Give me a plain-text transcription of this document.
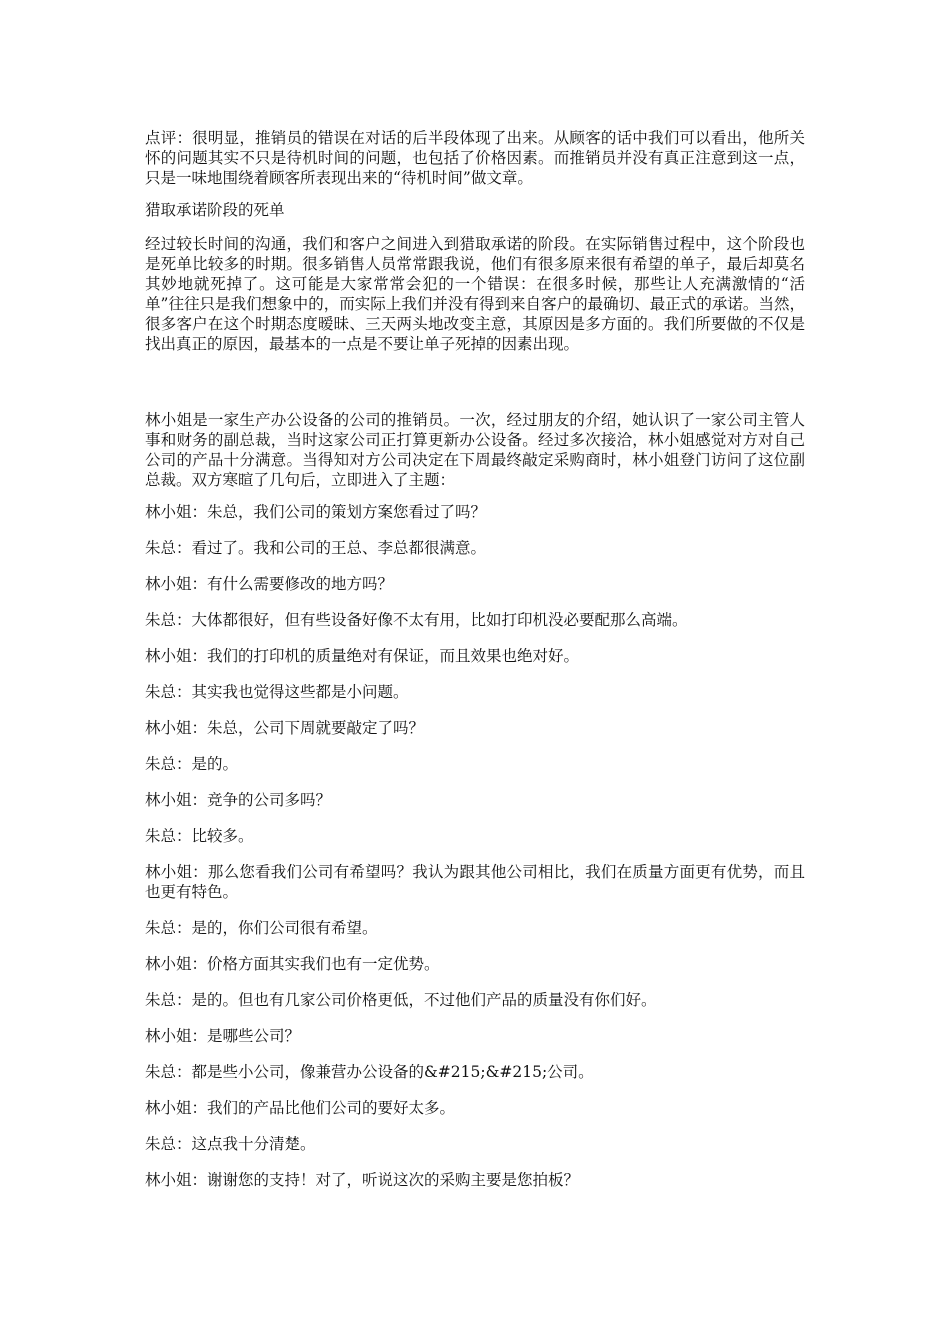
点评：很明显，推销员的错误在对话的后半段体现了出来。从顾客的话中我们可以看出，他所关怀的问题其实不只是待机时间的问题，也包括了价格因素。而推销员并没有真正注意到这一点，只是一味地围绕着顾客所表现出来的“待机时间”做文章。

猎取承诺阶段的死单

经过较长时间的沟通，我们和客户之间进入到猎取承诺的阶段。在实际销售过程中，这个阶段也是死单比较多的时期。很多销售人员常常跟我说，他们有很多原来很有希望的单子，最后却莫名其妙地就死掉了。这可能是大家常常会犯的一个错误：在很多时候，那些让人充满激情的“活单”往往只是我们想象中的，而实际上我们并没有得到来自客户的最确切、最正式的承诺。当然，很多客户在这个时期态度暧昧、三天两头地改变主意，其原因是多方面的。我们所要做的不仅是找出真正的原因，最基本的一点是不要让单子死掉的因素出现。

林小姐是一家生产办公设备的公司的推销员。一次，经过朋友的介绍，她认识了一家公司主管人事和财务的副总裁，当时这家公司正打算更新办公设备。经过多次接洽，林小姐感觉对方对自己公司的产品十分满意。当得知对方公司决定在下周最终敲定采购商时，林小姐登门访问了这位副总裁。双方寒暄了几句后，立即进入了主题：

林小姐：朱总，我们公司的策划方案您看过了吗？

朱总：看过了。我和公司的王总、李总都很满意。

林小姐：有什么需要修改的地方吗？

朱总：大体都很好，但有些设备好像不太有用，比如打印机没必要配那么高端。

林小姐：我们的打印机的质量绝对有保证，而且效果也绝对好。

朱总：其实我也觉得这些都是小问题。

林小姐：朱总，公司下周就要敲定了吗？

朱总：是的。

林小姐：竞争的公司多吗？

朱总：比较多。

林小姐：那么您看我们公司有希望吗？我认为跟其他公司相比，我们在质量方面更有优势，而且也更有特色。

朱总：是的，你们公司很有希望。

林小姐：价格方面其实我们也有一定优势。

朱总：是的。但也有几家公司价格更低，不过他们产品的质量没有你们好。

林小姐：是哪些公司？

朱总：都是些小公司，像兼营办公设备的&#215;&#215;公司。

林小姐：我们的产品比他们公司的要好太多。

朱总：这点我十分清楚。

林小姐：谢谢您的支持！对了，听说这次的采购主要是您拍板？
